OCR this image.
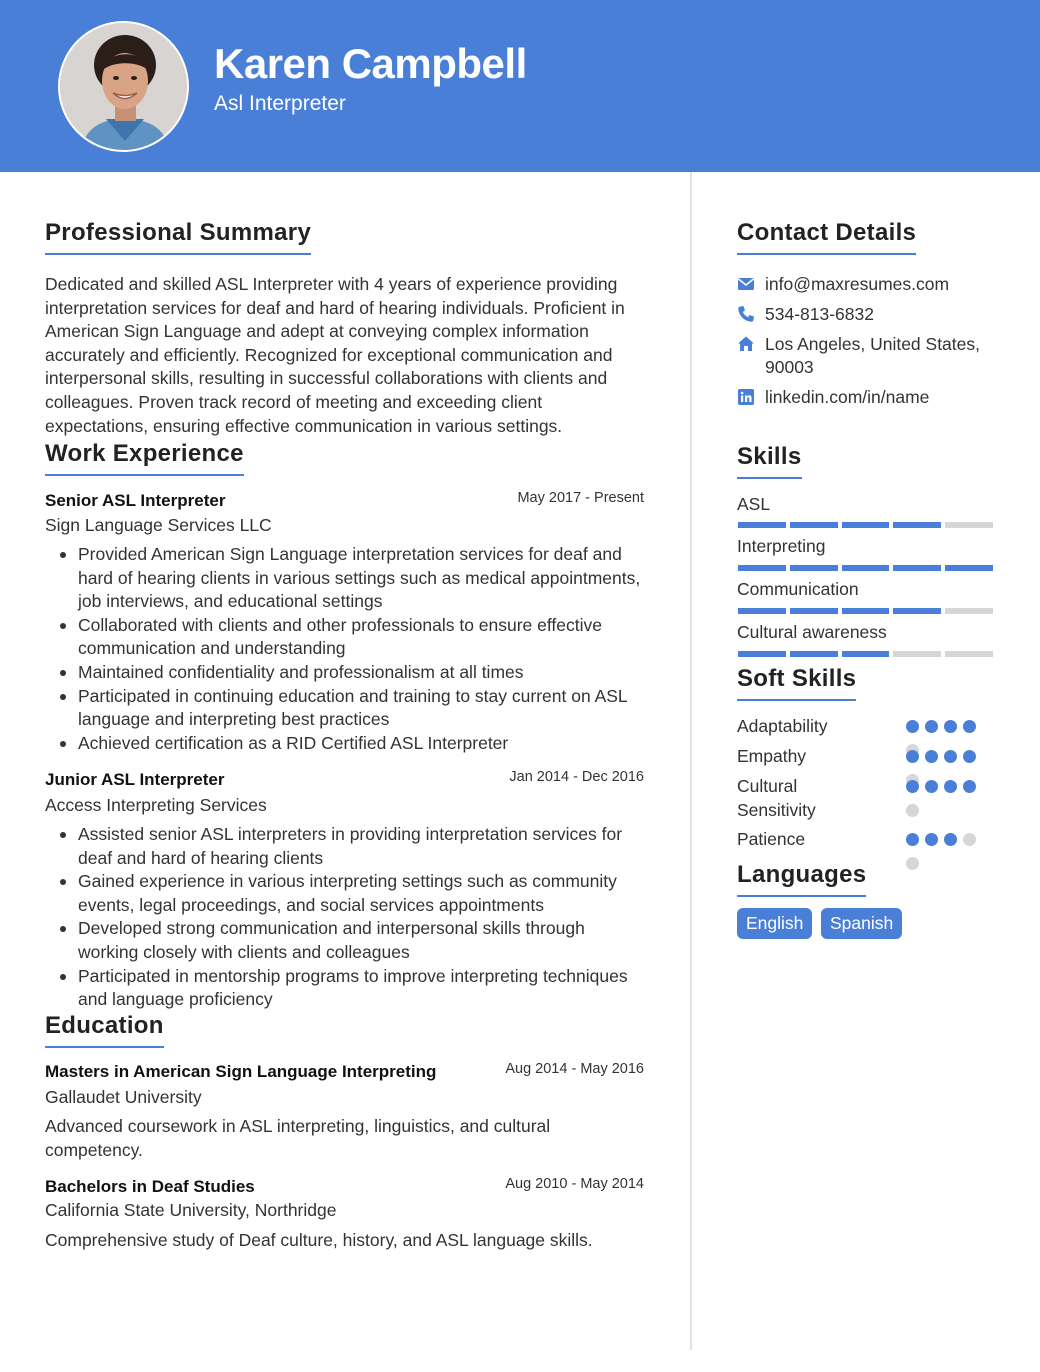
Karen Campbell
Asl Interpreter
Professional Summary
Dedicated and skilled ASL Interpreter with 4 years of experience providing interpretation services for deaf and hard of hearing individuals. Proficient in American Sign Language and adept at conveying complex information accurately and efficiently. Recognized for exceptional communication and interpersonal skills, resulting in successful collaborations with clients and colleagues. Proven track record of meeting and exceeding client expectations, ensuring effective communication in various settings.
Work Experience
Senior ASL Interpreter	May 2017 - Present
Sign Language Services LLC
Provided American Sign Language interpretation services for deaf and hard of hearing clients in various settings such as medical appointments, job interviews, and educational settings
Collaborated with clients and other professionals to ensure effective communication and understanding
Maintained confidentiality and professionalism at all times
Participated in continuing education and training to stay current on ASL language and interpreting best practices
Achieved certification as a RID Certified ASL Interpreter
Junior ASL Interpreter	Jan 2014 - Dec 2016
Access Interpreting Services
Assisted senior ASL interpreters in providing interpretation services for deaf and hard of hearing clients
Gained experience in various interpreting settings such as community events, legal proceedings, and social services appointments
Developed strong communication and interpersonal skills through working closely with clients and colleagues
Participated in mentorship programs to improve interpreting techniques and language proficiency
Education
Masters in American Sign Language Interpreting	Aug 2014 - May 2016
Gallaudet University
Advanced coursework in ASL interpreting, linguistics, and cultural competency.
Bachelors in Deaf Studies	Aug 2010 - May 2014
California State University, Northridge
Comprehensive study of Deaf culture, history, and ASL language skills.
Contact Details
info@maxresumes.com
534-813-6832
Los Angeles, United States, 90003
linkedin.com/in/name
Skills
ASL
Interpreting
Communication
Cultural awareness
Soft Skills
Adaptability
Empathy
Cultural Sensitivity
Patience
Languages
English	Spanish
